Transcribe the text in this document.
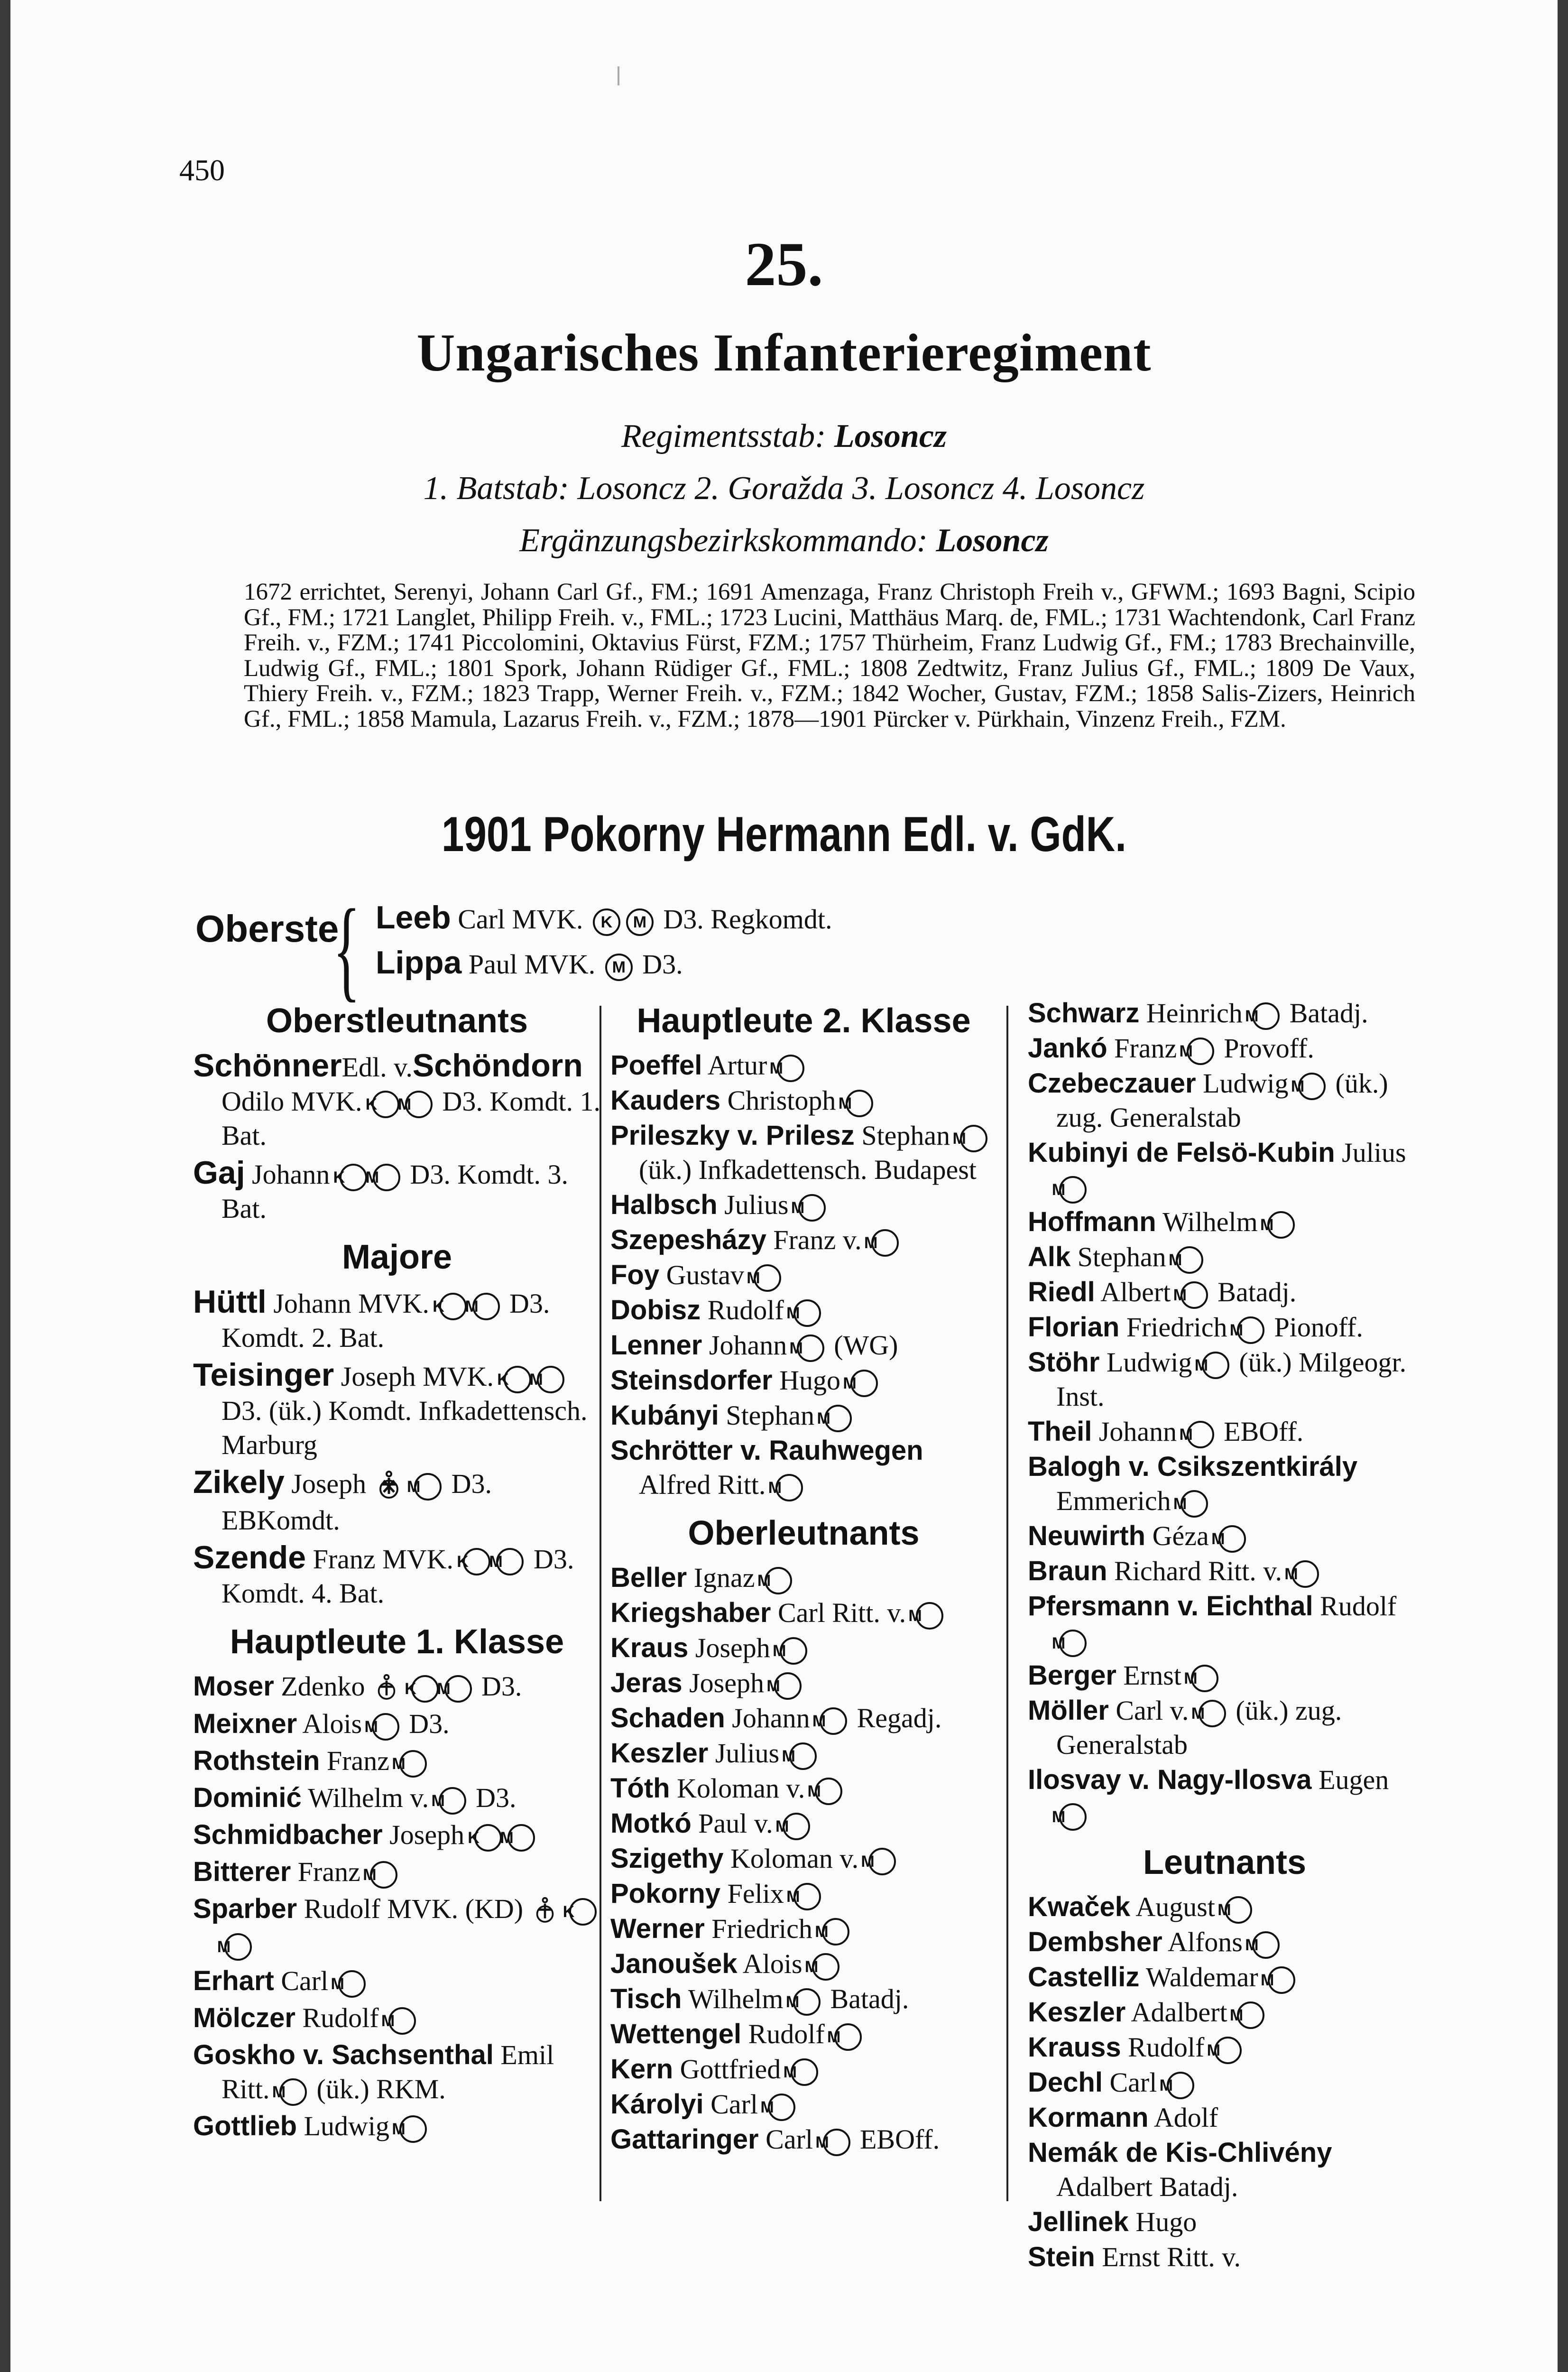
450
25.
Ungarisches Infanterieregiment
Regimentsstab: Losoncz
1. Batstab: Losoncz 2. Goražda 3. Losoncz 4. Losoncz
Ergänzungsbezirkskommando: Losoncz
1672 errichtet, Serenyi, Johann Carl Gf., FM.; 1691 Amenzaga, Franz Christoph Freih v., GFWM.; 1693 Bagni, Scipio Gf., FM.; 1721 Langlet, Philipp Freih. v., FML.; 1723 Lucini, Matthäus Marq. de, FML.; 1731 Wachtendonk, Carl Franz Freih. v., FZM.; 1741 Piccolomini, Oktavius Fürst, FZM.; 1757 Thürheim, Franz Ludwig Gf., FM.; 1783 Brechainville, Ludwig Gf., FML.; 1801 Spork, Johann Rüdiger Gf., FML.; 1808 Zedtwitz, Franz Julius Gf., FML.; 1809 De Vaux, Thiery Freih. v., FZM.; 1823 Trapp, Werner Freih. v., FZM.; 1842 Wocher, Gustav, FZM.; 1858 Salis-Zizers, Heinrich Gf., FML.; 1858 Mamula, Lazarus Freih. v., FZM.; 1878—1901 Pürcker v. Pürkhain, Vinzenz Freih., FZM.
1901 Pokorny Hermann Edl. v. GdK.
Oberste
{ Leeb Carl MVK. K M D3. Regkomdt.
Lippa Paul MVK. M D3.
Oberstleutnants
SchönnerEdl. v.Schöndorn Odilo MVK. K M D3. Komdt. 1. Bat.
Gaj Johann K M D3. Komdt. 3. Bat.
Majore
Hüttl Johann MVK. K M D3. Komdt. 2. Bat.
Teisinger Joseph MVK. K M D3. (ük.) Komdt. Infkadettensch. Marburg
Zikely Joseph	M D3. EBKomdt.
Szende Franz MVK. K M D3. Komdt. 4. Bat.
Hauptleute 1. Klasse
Moser Zdenko K M D3.
Meixner Alois M D3.
Rothstein Franz M
Dominić Wilhelm v. M D3.
Schmidbacher Joseph K M
Bitterer Franz M
Sparber Rudolf MVK. (KD) KM
Erhart Carl M
Mölczer Rudolf M
Goskho v. Sachsenthal Emil Ritt. M (ük.) RKM.
Gottlieb Ludwig M
Hauptleute 2. Klasse
Poeffel Artur M
Kauders Christoph M
Prileszky v. Prilesz Stephan M (ük.) Infkadettensch. Budapest
Halbsch Julius M
Szepesházy Franz v. M
Foy Gustav M
Dobisz Rudolf M
Lenner Johann M (WG)
Steinsdorfer Hugo M
Kubányi Stephan M
Schrötter v. Rauhwegen Alfred Ritt. M
Oberleutnants
Beller Ignaz M
Kriegshaber Carl Ritt. v. M
Kraus Joseph M
Jeras Joseph M
Schaden Johann M Regadj.
Keszler Julius M
Tóth Koloman v. M
Motkó Paul v. M
Szigethy Koloman v. M
Pokorny Felix M
Werner Friedrich M
Janoušek Alois M
Tisch Wilhelm M Batadj.
Wettengel Rudolf M
Kern Gottfried M
Károlyi Carl M
Gattaringer Carl M EBOff.
Schwarz Heinrich M Batadj.
Jankó Franz M Provoff.
Czebeczauer Ludwig M (ük.) zug. Generalstab
Kubinyi de Felsö-Kubin Julius M
Hoffmann Wilhelm M
Alk Stephan M
Riedl Albert M Batadj.
Florian Friedrich M Pionoff.
Stöhr Ludwig M (ük.) Milgeogr. Inst.
Theil Johann M EBOff.
Balogh v. Csikszentkirály Emmerich M
Neuwirth Géza M
Braun Richard Ritt. v. M
Pfersmann v. Eichthal Rudolf M
Berger Ernst M
Möller Carl v. M (ük.) zug. Generalstab
Ilosvay v. Nagy-Ilosva Eugen M
Leutnants
Kwaček August M
Dembsher Alfons M
Castelliz Waldemar M
Keszler Adalbert M
Krauss Rudolf M
Dechl Carl M
Kormann Adolf
Nemák de Kis-Chlivény Adalbert Batadj.
Jellinek Hugo
Stein Ernst Ritt. v.
